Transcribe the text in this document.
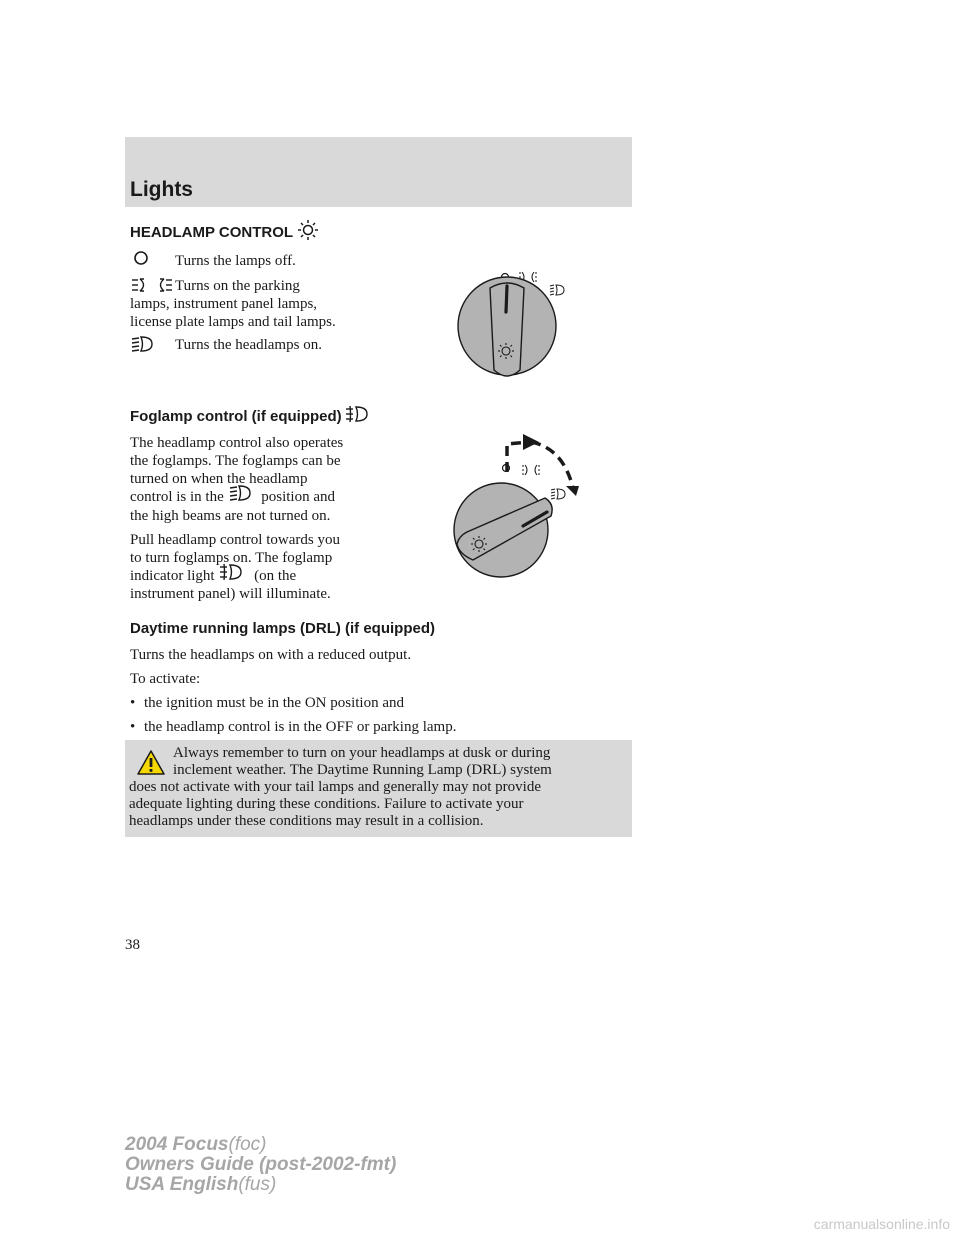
Lights
HEADLAMP CONTROL

Turns the lamps off.

Turns on the parking

lamps, instrument panel lamps,

license plate lamps and tail lamps.

Turns the headlamps on.

Foglamp control (if equipped)

The headlamp control also operates

the foglamps. The foglamps can be

turned on when the headlamp

control is in the	position and

the high beams are not turned on.

Pull headlamp control towards you

to turn foglamps on. The foglamp

indicator light	(on the

instrument panel) will illuminate.

Daytime running lamps (DRL) (if equipped)

Turns the headlamps on with a reduced output.

To activate:

• the ignition must be in the ON position and

• the headlamp control is in the OFF or parking lamp.

Always remember to turn on your headlamps at dusk or during
inclement weather. The Daytime Running Lamp (DRL) system
does not activate with your tail lamps and generally may not provide
adequate lighting during these conditions. Failure to activate your
headlamps under these conditions may result in a collision.

38

2004 Focus(foc)
Owners Guide (post-2002-fmt)
USA English(fus)

carmanualsonline.info
